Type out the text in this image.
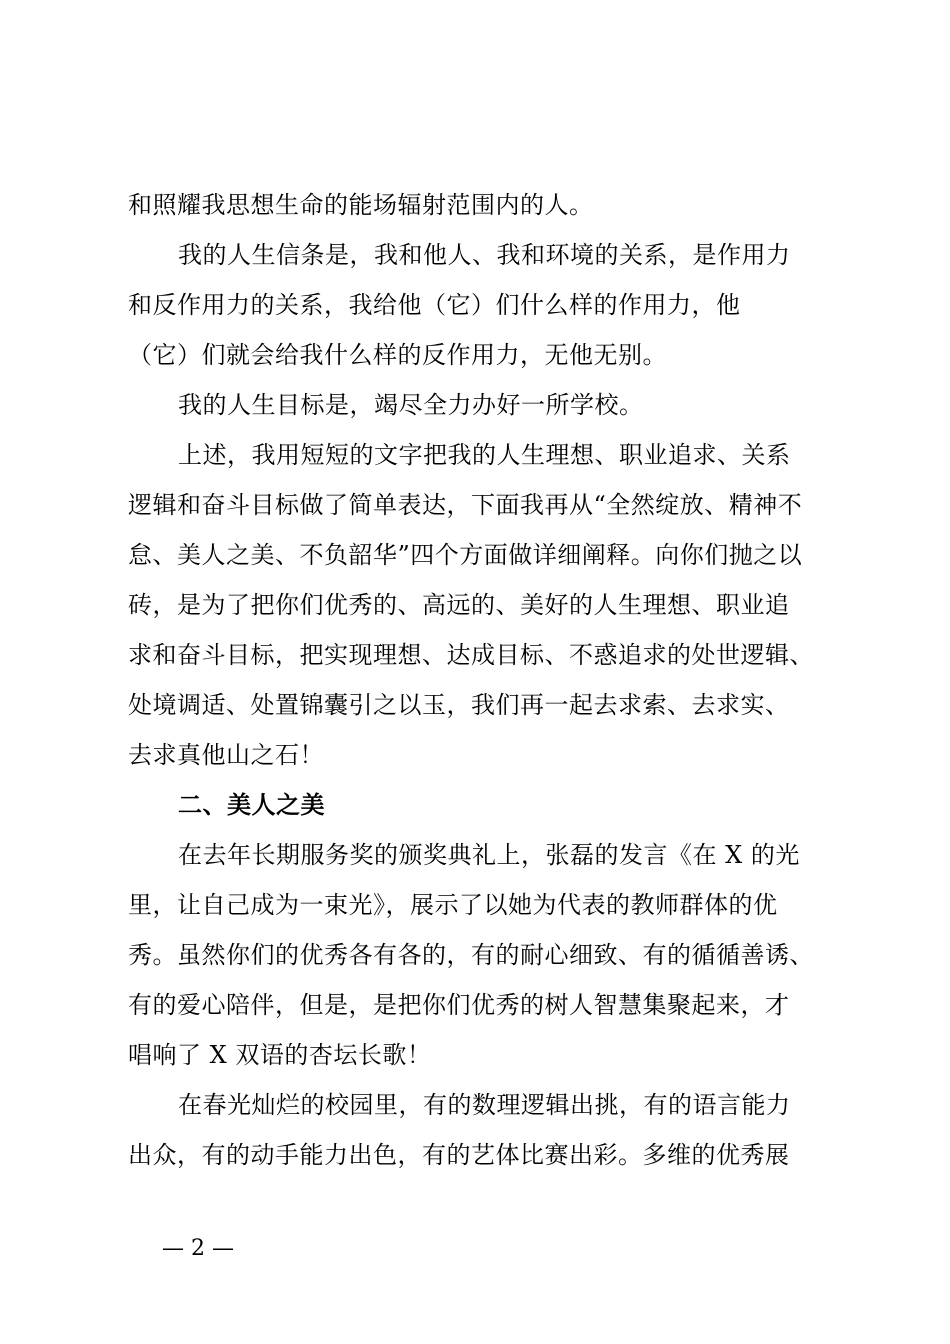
和照耀我思想生命的能场辐射范围内的人。
我的人生信条是，我和他人、我和环境的关系，是作用力
和反作用力的关系，我给他（它）们什么样的作用力，他
（它）们就会给我什么样的反作用力，无他无别。
我的人生目标是，竭尽全力办好一所学校。
上述，我用短短的文字把我的人生理想、职业追求、关系
逻辑和奋斗目标做了简单表达，下面我再从“全然绽放、精神不
怠、美人之美、不负韶华”四个方面做详细阐释。向你们抛之以
砖，是为了把你们优秀的、高远的、美好的人生理想、职业追
求和奋斗目标，把实现理想、达成目标、不惑追求的处世逻辑、
处境调适、处置锦囊引之以玉，我们再一起去求索、去求实、
去求真他山之石！
二、美人之美
在去年长期服务奖的颁奖典礼上，张磊的发言《在 X 的光
里，让自己成为一束光》，展示了以她为代表的教师群体的优
秀。虽然你们的优秀各有各的，有的耐心细致、有的循循善诱、
有的爱心陪伴，但是，是把你们优秀的树人智慧集聚起来，才
唱响了 X 双语的杏坛长歌！
在春光灿烂的校园里，有的数理逻辑出挑，有的语言能力
出众，有的动手能力出色，有的艺体比赛出彩。多维的优秀展
— 2 —
